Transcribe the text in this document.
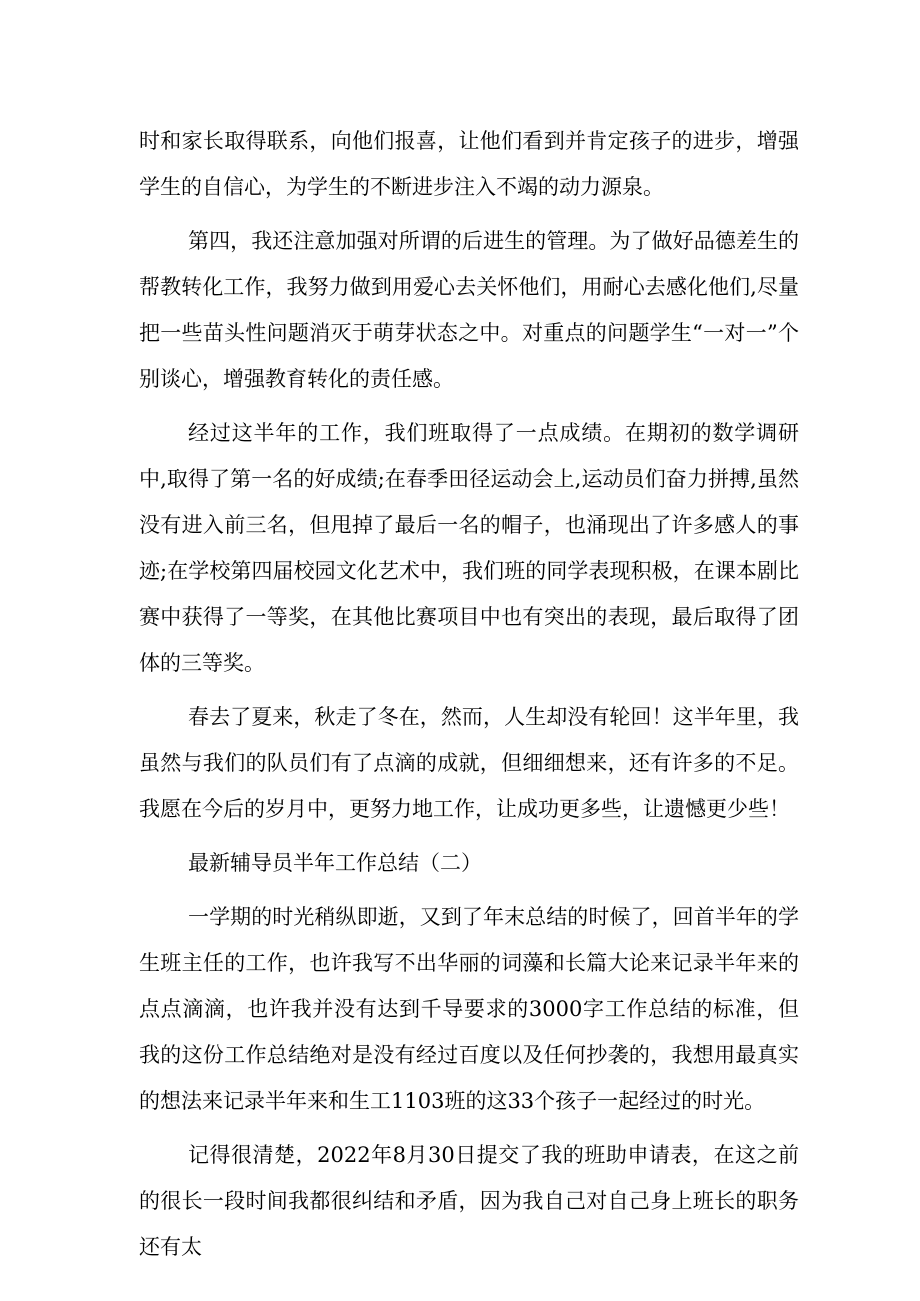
时和家长取得联系，向他们报喜，让他们看到并肯定孩子的进步，增强学生的自信心，为学生的不断进步注入不竭的动力源泉。

第四，我还注意加强对所谓的后进生的管理。为了做好品德差生的帮教转化工作，我努力做到用爱心去关怀他们，用耐心去感化他们,尽量把一些苗头性问题消灭于萌芽状态之中。对重点的问题学生“一对一”个别谈心，增强教育转化的责任感。

经过这半年的工作，我们班取得了一点成绩。在期初的数学调研中,取得了第一名的好成绩;在春季田径运动会上,运动员们奋力拼搏,虽然没有进入前三名，但甩掉了最后一名的帽子，也涌现出了许多感人的事迹;在学校第四届校园文化艺术中，我们班的同学表现积极，在课本剧比赛中获得了一等奖，在其他比赛项目中也有突出的表现，最后取得了团体的三等奖。

春去了夏来，秋走了冬在，然而，人生却没有轮回！这半年里，我虽然与我们的队员们有了点滴的成就，但细细想来，还有许多的不足。我愿在今后的岁月中，更努力地工作，让成功更多些，让遗憾更少些！

最新辅导员半年工作总结（二）

一学期的时光稍纵即逝，又到了年末总结的时候了，回首半年的学生班主任的工作，也许我写不出华丽的词藻和长篇大论来记录半年来的点点滴滴，也许我并没有达到千导要求的3000字工作总结的标准，但我的这份工作总结绝对是没有经过百度以及任何抄袭的，我想用最真实的想法来记录半年来和生工1103班的这33个孩子一起经过的时光。

记得很清楚，2022年8月30日提交了我的班助申请表，在这之前的很长一段时间我都很纠结和矛盾，因为我自己对自己身上班长的职务还有太
